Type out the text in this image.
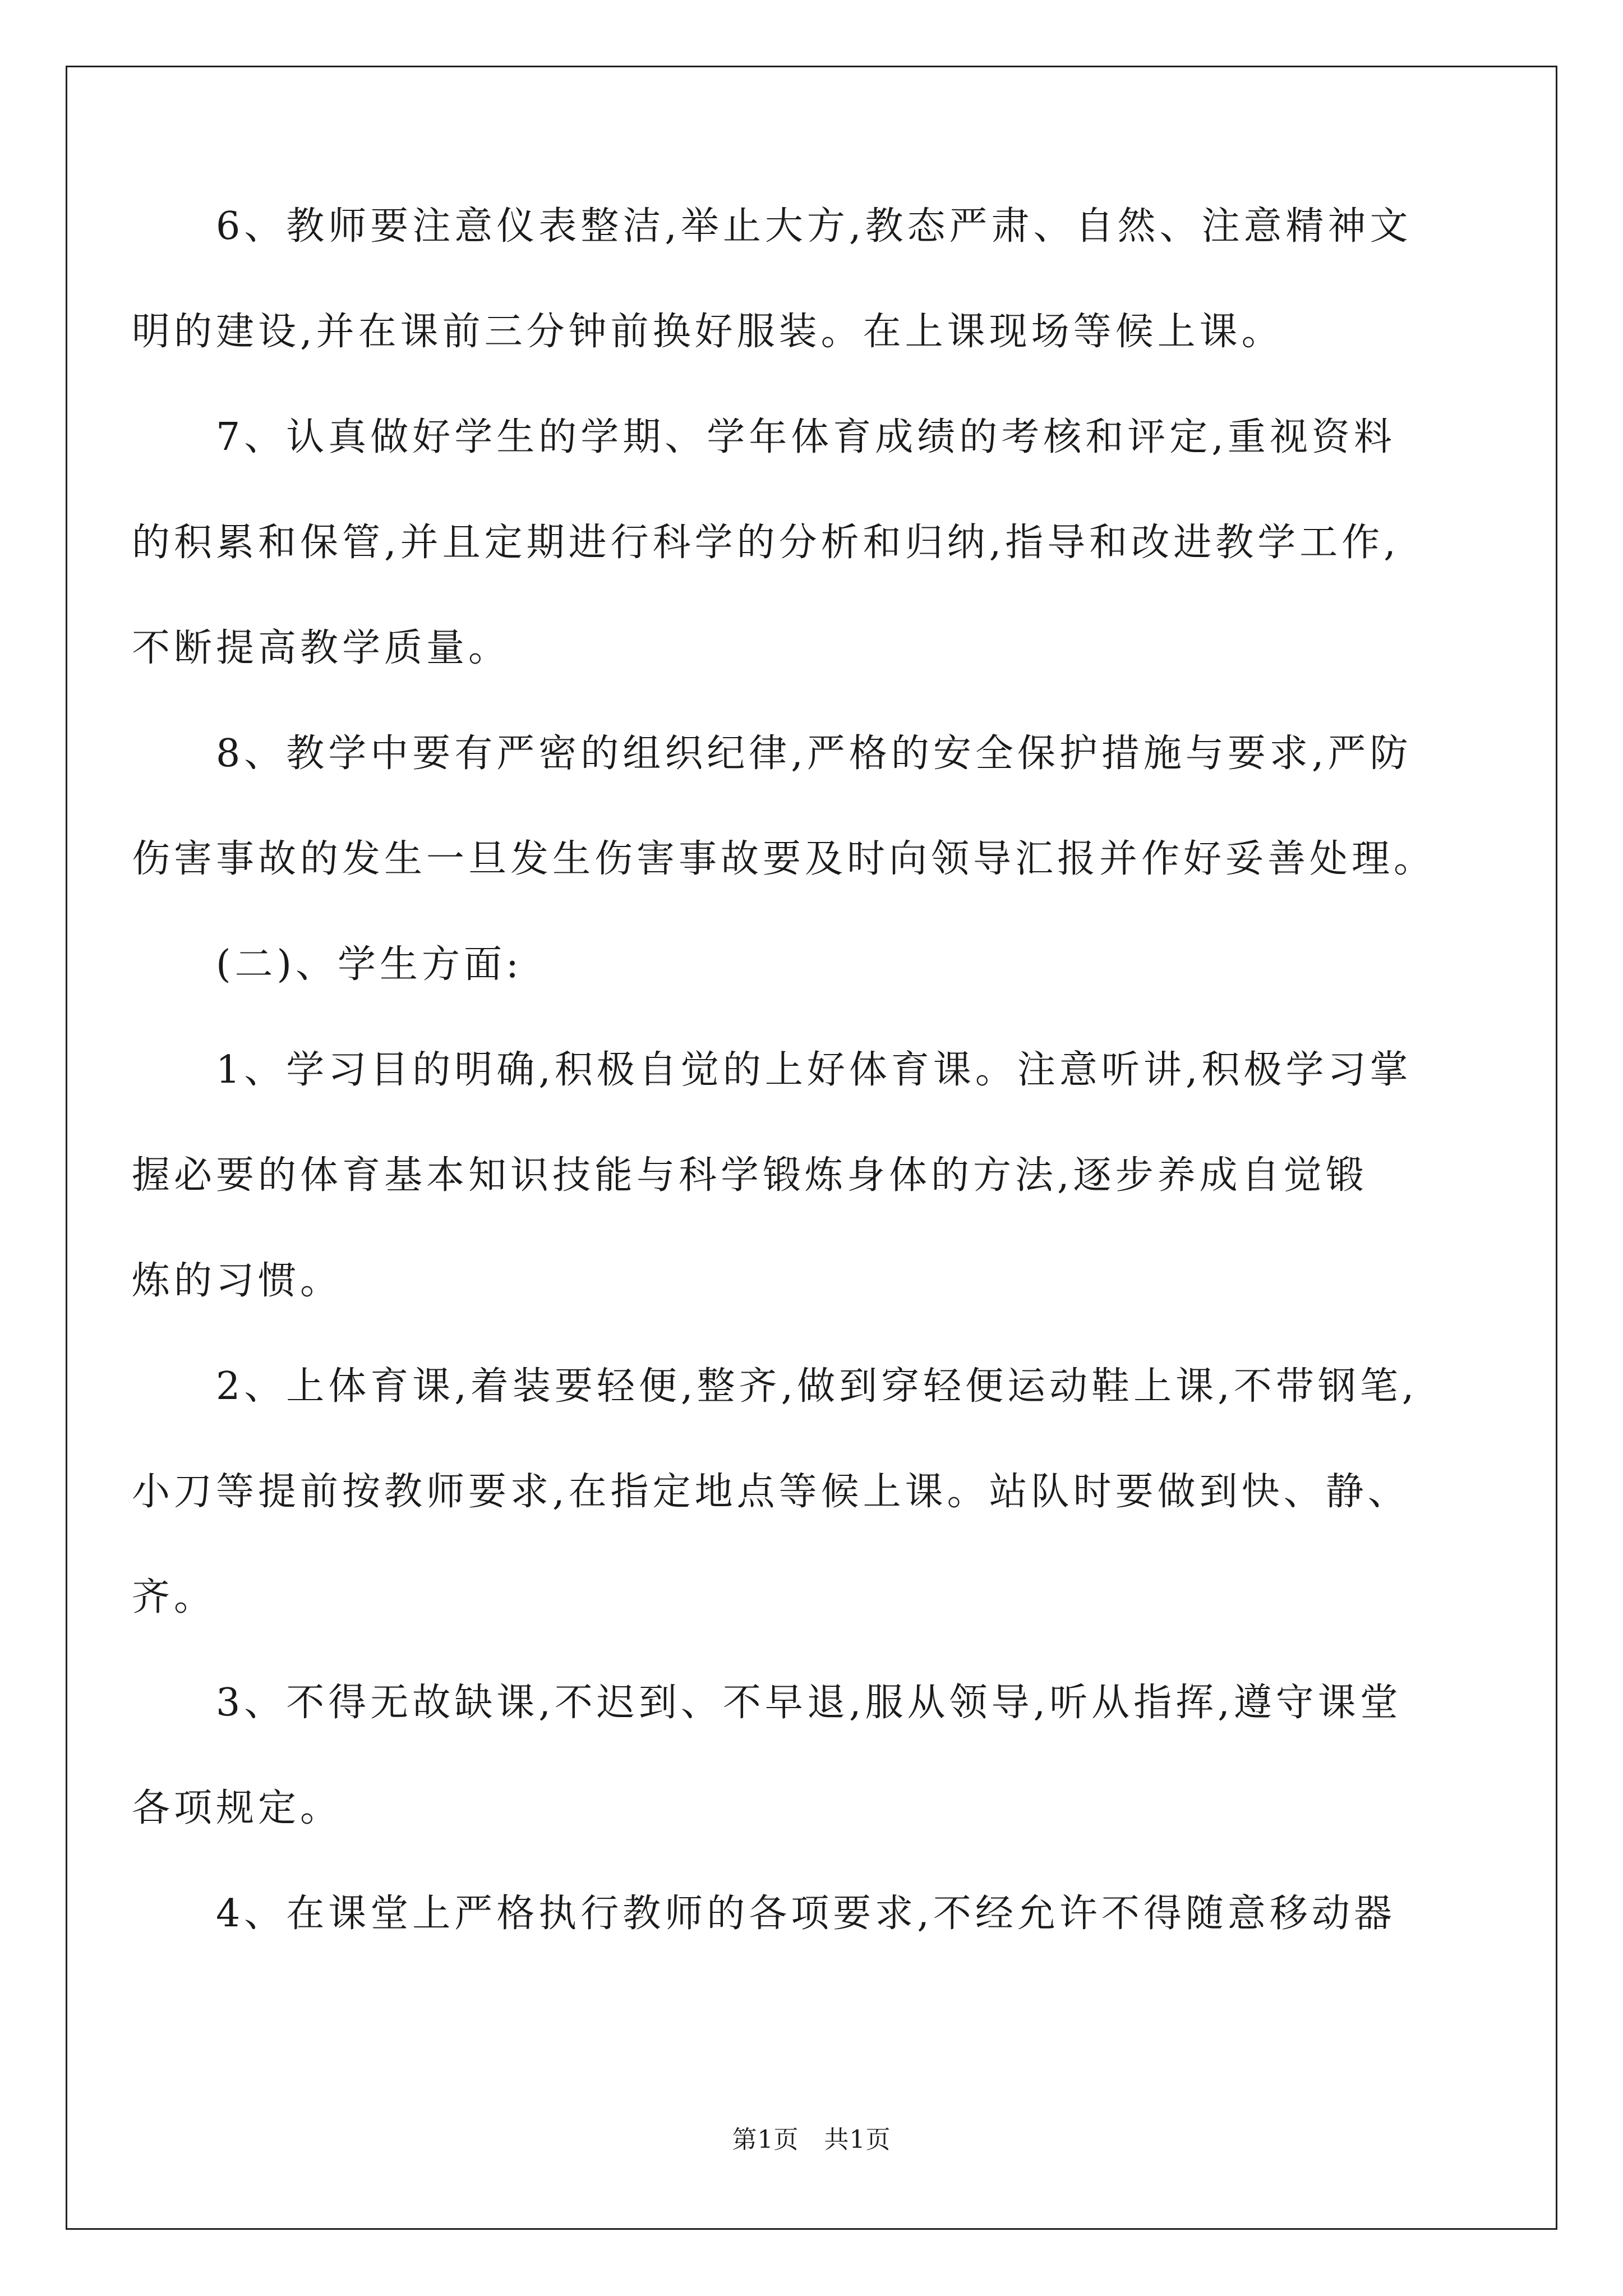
　　6、教师要注意仪表整洁,举止大方,教态严肃、自然、注意精神文
明的建设,并在课前三分钟前换好服装。在上课现场等候上课。
　　7、认真做好学生的学期、学年体育成绩的考核和评定,重视资料
的积累和保管,并且定期进行科学的分析和归纳,指导和改进教学工作,
不断提高教学质量。
　　8、教学中要有严密的组织纪律,严格的安全保护措施与要求,严防
伤害事故的发生一旦发生伤害事故要及时向领导汇报并作好妥善处理。
　　(二)、学生方面:
　　1、学习目的明确,积极自觉的上好体育课。注意听讲,积极学习掌
握必要的体育基本知识技能与科学锻炼身体的方法,逐步养成自觉锻
炼的习惯。
　　2、上体育课,着装要轻便,整齐,做到穿轻便运动鞋上课,不带钢笔,
小刀等提前按教师要求,在指定地点等候上课。站队时要做到快、静、
齐。
　　3、不得无故缺课,不迟到、不早退,服从领导,听从指挥,遵守课堂
各项规定。
　　4、在课堂上严格执行教师的各项要求,不经允许不得随意移动器
第1页　共1页
